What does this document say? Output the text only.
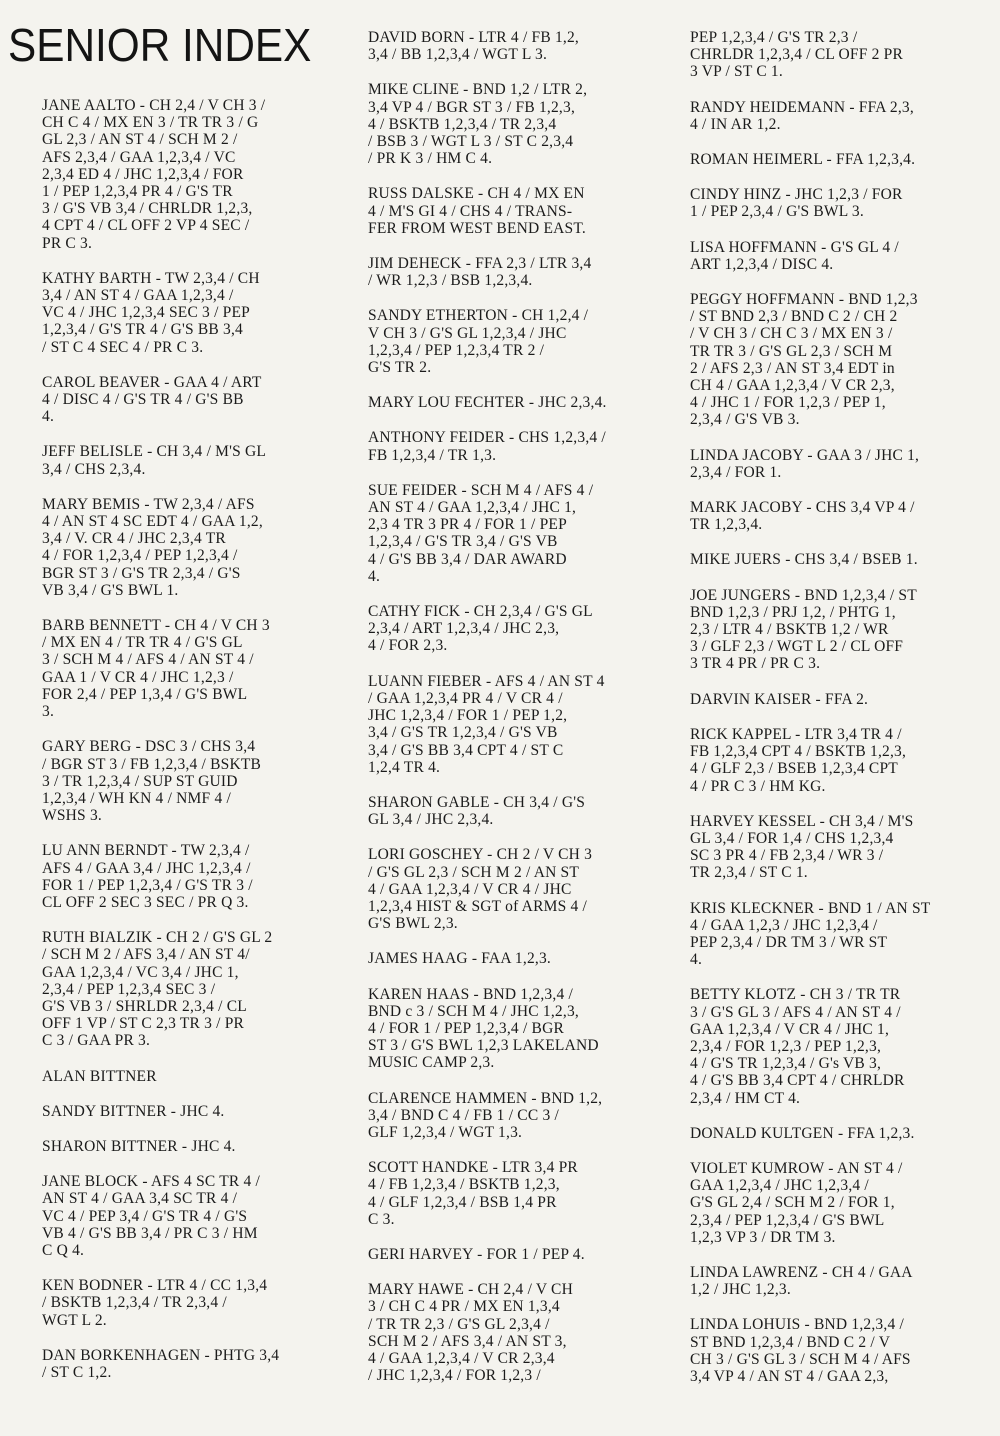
SENIOR INDEX

JANE AALTO - CH 2,4 / V CH 3 /
CH C 4 / MX EN 3 / TR TR 3 / G
GL 2,3 / AN ST 4 / SCH M 2 /
AFS 2,3,4 / GAA 1,2,3,4 / VC
2,3,4 ED 4 / JHC 1,2,3,4 / FOR
1 / PEP 1,2,3,4 PR 4 / G'S TR
3 / G'S VB 3,4 / CHRLDR 1,2,3,
4 CPT 4 / CL OFF 2 VP 4 SEC /
PR C 3.

KATHY BARTH - TW 2,3,4 / CH
3,4 / AN ST 4 / GAA 1,2,3,4 /
VC 4 / JHC 1,2,3,4 SEC 3 / PEP
1,2,3,4 / G'S TR 4 / G'S BB 3,4
/ ST C 4 SEC 4 / PR C 3.

CAROL BEAVER - GAA 4 / ART
4 / DISC 4 / G'S TR 4 / G'S BB
4.

JEFF BELISLE - CH 3,4 / M'S GL
3,4 / CHS 2,3,4.

MARY BEMIS - TW 2,3,4 / AFS
4 / AN ST 4 SC EDT 4 / GAA 1,2,
3,4 / V. CR 4 / JHC 2,3,4 TR
4 / FOR 1,2,3,4 / PEP 1,2,3,4 /
BGR ST 3 / G'S TR 2,3,4 / G'S
VB 3,4 / G'S BWL 1.

BARB BENNETT - CH 4 / V CH 3
/ MX EN 4 / TR TR 4 / G'S GL
3 / SCH M 4 / AFS 4 / AN ST 4 /
GAA 1 / V CR 4 / JHC 1,2,3 /
FOR 2,4 / PEP 1,3,4 / G'S BWL
3.

GARY BERG - DSC 3 / CHS 3,4
/ BGR ST 3 / FB 1,2,3,4 / BSKTB
3 / TR 1,2,3,4 / SUP ST GUID
1,2,3,4 / WH KN 4 / NMF 4 /
WSHS 3.

LU ANN BERNDT - TW 2,3,4 /
AFS 4 / GAA 3,4 / JHC 1,2,3,4 /
FOR 1 / PEP 1,2,3,4 / G'S TR 3 /
CL OFF 2 SEC 3 SEC / PR Q 3.

RUTH BIALZIK - CH 2 / G'S GL 2
/ SCH M 2 / AFS 3,4 / AN ST 4/
GAA 1,2,3,4 / VC 3,4 / JHC 1,
2,3,4 / PEP 1,2,3,4 SEC 3 /
G'S VB 3 / SHRLDR 2,3,4 / CL
OFF 1 VP / ST C 2,3 TR 3 / PR
C 3 / GAA PR 3.

ALAN BITTNER

SANDY BITTNER - JHC 4.

SHARON BITTNER - JHC 4.

JANE BLOCK - AFS 4 SC TR 4 /
AN ST 4 / GAA 3,4 SC TR 4 /
VC 4 / PEP 3,4 / G'S TR 4 / G'S
VB 4 / G'S BB 3,4 / PR C 3 / HM
C Q 4.

KEN BODNER - LTR 4 / CC 1,3,4
/ BSKTB 1,2,3,4 / TR 2,3,4 /
WGT L 2.

DAN BORKENHAGEN - PHTG 3,4
/ ST C 1,2.

DAVID BORN - LTR 4 / FB 1,2,
3,4 / BB 1,2,3,4 / WGT L 3.

MIKE CLINE - BND 1,2 / LTR 2,
3,4 VP 4 / BGR ST 3 / FB 1,2,3,
4 / BSKTB 1,2,3,4 / TR 2,3,4
/ BSB 3 / WGT L 3 / ST C 2,3,4
/ PR K 3 / HM C 4.

RUSS DALSKE - CH 4 / MX EN
4 / M'S GI 4 / CHS 4 / TRANS-
FER FROM WEST BEND EAST.

JIM DEHECK - FFA 2,3 / LTR 3,4
/ WR 1,2,3 / BSB 1,2,3,4.

SANDY ETHERTON - CH 1,2,4 /
V CH 3 / G'S GL 1,2,3,4 / JHC
1,2,3,4 / PEP 1,2,3,4 TR 2 /
G'S TR 2.

MARY LOU FECHTER - JHC 2,3,4.

ANTHONY FEIDER - CHS 1,2,3,4 /
FB 1,2,3,4 / TR 1,3.

SUE FEIDER - SCH M 4 / AFS 4 /
AN ST 4 / GAA 1,2,3,4 / JHC 1,
2,3 4 TR 3 PR 4 / FOR 1 / PEP
1,2,3,4 / G'S TR 3,4 / G'S VB
4 / G'S BB 3,4 / DAR AWARD
4.

CATHY FICK - CH 2,3,4 / G'S GL
2,3,4 / ART 1,2,3,4 / JHC 2,3,
4 / FOR 2,3.

LUANN FIEBER - AFS 4 / AN ST 4
/ GAA 1,2,3,4 PR 4 / V CR 4 /
JHC 1,2,3,4 / FOR 1 / PEP 1,2,
3,4 / G'S TR 1,2,3,4 / G'S VB
3,4 / G'S BB 3,4 CPT 4 / ST C
1,2,4 TR 4.

SHARON GABLE - CH 3,4 / G'S
GL 3,4 / JHC 2,3,4.

LORI GOSCHEY - CH 2 / V CH 3
/ G'S GL 2,3 / SCH M 2 / AN ST
4 / GAA 1,2,3,4 / V CR 4 / JHC
1,2,3,4 HIST & SGT of ARMS 4 /
G'S BWL 2,3.

JAMES HAAG - FAA 1,2,3.

KAREN HAAS - BND 1,2,3,4 /
BND c 3 / SCH M 4 / JHC 1,2,3,
4 / FOR 1 / PEP 1,2,3,4 / BGR
ST 3 / G'S BWL 1,2,3 LAKELAND
MUSIC CAMP 2,3.

CLARENCE HAMMEN - BND 1,2,
3,4 / BND C 4 / FB 1 / CC 3 /
GLF 1,2,3,4 / WGT 1,3.

SCOTT HANDKE - LTR 3,4 PR
4 / FB 1,2,3,4 / BSKTB 1,2,3,
4 / GLF 1,2,3,4 / BSB 1,4 PR
C 3.

GERI HARVEY - FOR 1 / PEP 4.

MARY HAWE - CH 2,4 / V CH
3 / CH C 4 PR / MX EN 1,3,4
/ TR TR 2,3 / G'S GL 2,3,4 /
SCH M 2 / AFS 3,4 / AN ST 3,
4 / GAA 1,2,3,4 / V CR 2,3,4
/ JHC 1,2,3,4 / FOR 1,2,3 /

PEP 1,2,3,4 / G'S TR 2,3 /
CHRLDR 1,2,3,4 / CL OFF 2 PR
3 VP / ST C 1.

RANDY HEIDEMANN - FFA 2,3,
4 / IN AR 1,2.

ROMAN HEIMERL - FFA 1,2,3,4.

CINDY HINZ - JHC 1,2,3 / FOR
1 / PEP 2,3,4 / G'S BWL 3.

LISA HOFFMANN - G'S GL 4 /
ART 1,2,3,4 / DISC 4.

PEGGY HOFFMANN - BND 1,2,3
/ ST BND 2,3 / BND C 2 / CH 2
/ V CH 3 / CH C 3 / MX EN 3 /
TR TR 3 / G'S GL 2,3 / SCH M
2 / AFS 2,3 / AN ST 3,4 EDT in
CH 4 / GAA 1,2,3,4 / V CR 2,3,
4 / JHC 1 / FOR 1,2,3 / PEP 1,
2,3,4 / G'S VB 3.

LINDA JACOBY - GAA 3 / JHC 1,
2,3,4 / FOR 1.

MARK JACOBY - CHS 3,4 VP 4 /
TR 1,2,3,4.

MIKE JUERS - CHS 3,4 / BSEB 1.

JOE JUNGERS - BND 1,2,3,4 / ST
BND 1,2,3 / PRJ 1,2, / PHTG 1,
2,3 / LTR 4 / BSKTB 1,2 / WR
3 / GLF 2,3 / WGT L 2 / CL OFF
3 TR 4 PR / PR C 3.

DARVIN KAISER - FFA 2.

RICK KAPPEL - LTR 3,4 TR 4 /
FB 1,2,3,4 CPT 4 / BSKTB 1,2,3,
4 / GLF 2,3 / BSEB 1,2,3,4 CPT
4 / PR C 3 / HM KG.

HARVEY KESSEL - CH 3,4 / M'S
GL 3,4 / FOR 1,4 / CHS 1,2,3,4
SC 3 PR 4 / FB 2,3,4 / WR 3 /
TR 2,3,4 / ST C 1.

KRIS KLECKNER - BND 1 / AN ST
4 / GAA 1,2,3 / JHC 1,2,3,4 /
PEP 2,3,4 / DR TM 3 / WR ST
4.

BETTY KLOTZ - CH 3 / TR TR
3 / G'S GL 3 / AFS 4 / AN ST 4 /
GAA 1,2,3,4 / V CR 4 / JHC 1,
2,3,4 / FOR 1,2,3 / PEP 1,2,3,
4 / G'S TR 1,2,3,4 / G's VB 3,
4 / G'S BB 3,4 CPT 4 / CHRLDR
2,3,4 / HM CT 4.

DONALD KULTGEN - FFA 1,2,3.

VIOLET KUMROW - AN ST 4 /
GAA 1,2,3,4 / JHC 1,2,3,4 /
G'S GL 2,4 / SCH M 2 / FOR 1,
2,3,4 / PEP 1,2,3,4 / G'S BWL
1,2,3 VP 3 / DR TM 3.

LINDA LAWRENZ - CH 4 / GAA
1,2 / JHC 1,2,3.

LINDA LOHUIS - BND 1,2,3,4 /
ST BND 1,2,3,4 / BND C 2 / V
CH 3 / G'S GL 3 / SCH M 4 / AFS
3,4 VP 4 / AN ST 4 / GAA 2,3,
